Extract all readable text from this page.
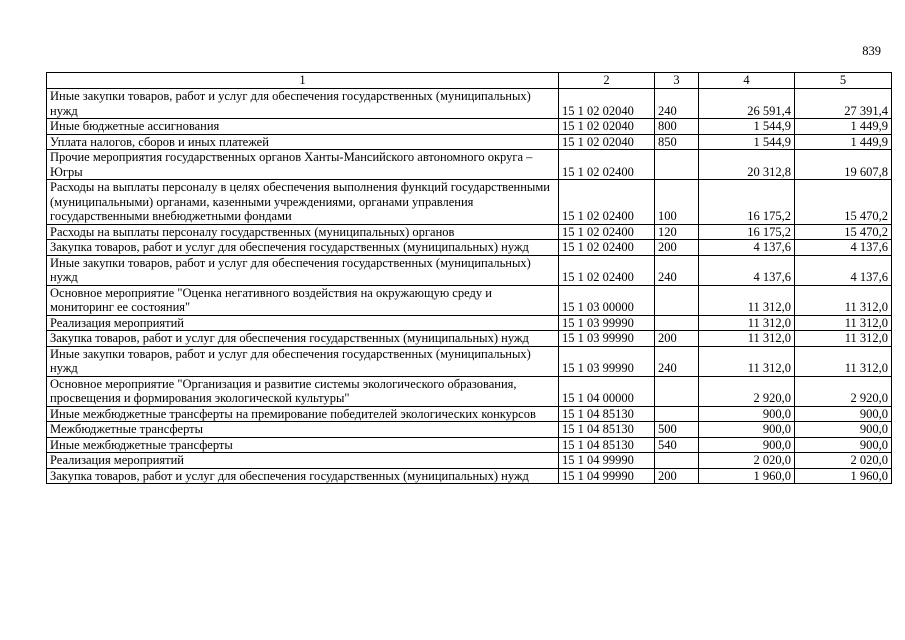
839
1	2	3	4	5
Иные закупки товаров, работ и услуг для обеспечения государственных (муниципальных) нужд	15 1 02 02040	240	26 591,4	27 391,4
Иные бюджетные ассигнования	15 1 02 02040	800	1 544,9	1 449,9
Уплата налогов, сборов и иных платежей	15 1 02 02040	850	1 544,9	1 449,9
Прочие мероприятия государственных органов Ханты-Мансийского автономного округа – Югры	15 1 02 02400		20 312,8	19 607,8
Расходы на выплаты персоналу в целях обеспечения выполнения функций государственными (муниципальными) органами, казенными учреждениями, органами управления государственными внебюджетными фондами	15 1 02 02400	100	16 175,2	15 470,2
Расходы на выплаты персоналу государственных (муниципальных) органов	15 1 02 02400	120	16 175,2	15 470,2
Закупка товаров, работ и услуг для обеспечения государственных (муниципальных) нужд	15 1 02 02400	200	4 137,6	4 137,6
Иные закупки товаров, работ и услуг для обеспечения государственных (муниципальных) нужд	15 1 02 02400	240	4 137,6	4 137,6
Основное мероприятие "Оценка негативного воздействия на окружающую среду и мониторинг ее состояния"	15 1 03 00000		11 312,0	11 312,0
Реализация мероприятий	15 1 03 99990		11 312,0	11 312,0
Закупка товаров, работ и услуг для обеспечения государственных (муниципальных) нужд	15 1 03 99990	200	11 312,0	11 312,0
Иные закупки товаров, работ и услуг для обеспечения государственных (муниципальных) нужд	15 1 03 99990	240	11 312,0	11 312,0
Основное мероприятие "Организация и развитие системы экологического образования, просвещения и формирования экологической культуры"	15 1 04 00000		2 920,0	2 920,0
Иные межбюджетные трансферты на премирование победителей экологических конкурсов	15 1 04 85130		900,0	900,0
Межбюджетные трансферты	15 1 04 85130	500	900,0	900,0
Иные межбюджетные трансферты	15 1 04 85130	540	900,0	900,0
Реализация мероприятий	15 1 04 99990		2 020,0	2 020,0
Закупка товаров, работ и услуг для обеспечения государственных (муниципальных) нужд	15 1 04 99990	200	1 960,0	1 960,0
